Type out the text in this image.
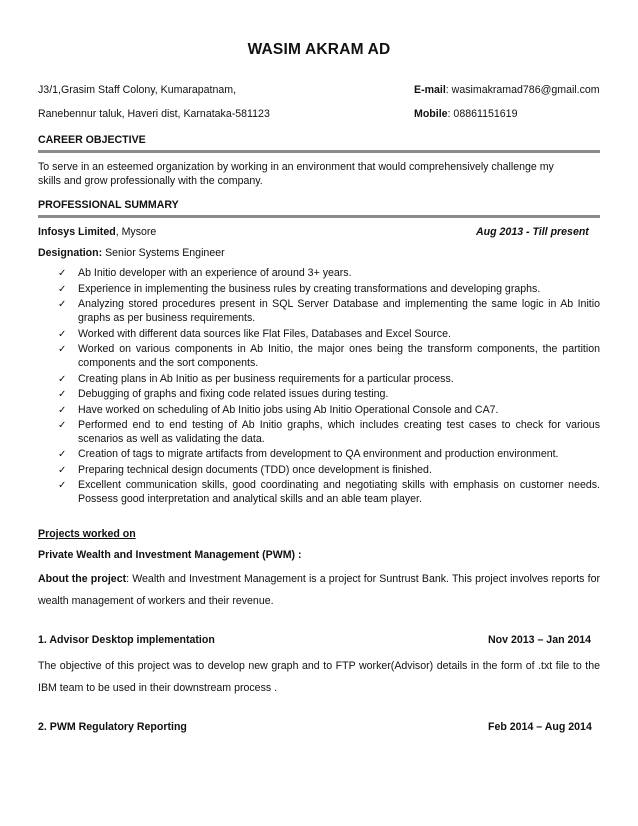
WASIM AKRAM AD
J3/1,Grasim Staff Colony, Kumarapatnam,	E-mail: wasimakramad786@gmail.com
Ranebennur taluk, Haveri dist, Karnataka-581123	Mobile: 08861151619
CAREER OBJECTIVE

To serve in an esteemed organization by working in an environment that would comprehensively challenge my skills and grow professionally with the company.

PROFESSIONAL SUMMARY
Infosys Limited, Mysore	Aug 2013 - Till present
Designation: Senior Systems Engineer
✓ Ab Initio developer with an experience of around 3+ years.
✓ Experience in implementing the business rules by creating transformations and developing graphs.
✓ Analyzing stored procedures present in SQL Server Database and implementing the same logic in Ab Initio graphs as per business requirements.
✓ Worked with different data sources like Flat Files, Databases and Excel Source.
✓ Worked on various components in Ab Initio, the major ones being the transform components, the partition components and the sort components.
✓ Creating plans in Ab Initio as per business requirements for a particular process.
✓ Debugging of graphs and fixing code related issues during testing.
✓ Have worked on scheduling of Ab Initio jobs using Ab Initio Operational Console and CA7.
✓ Performed end to end testing of Ab Initio graphs, which includes creating test cases to check for various scenarios as well as validating the data.
✓ Creation of tags to migrate artifacts from development to QA environment and production environment.
✓ Preparing technical design documents (TDD) once development is finished.
✓ Excellent communication skills, good coordinating and negotiating skills with emphasis on customer needs. Possess good interpretation and analytical skills and an able team player.
Projects worked on
Private Wealth and Investment Management (PWM) :

About the project: Wealth and Investment Management is a project for Suntrust Bank. This project involves reports for wealth management of workers and their revenue.

1. Advisor Desktop implementation	Nov 2013 – Jan 2014

The objective of this project was to develop new graph and to FTP worker(Advisor) details in the form of .txt file to the IBM team to be used in their downstream process .

2. PWM Regulatory Reporting	Feb 2014 – Aug 2014
